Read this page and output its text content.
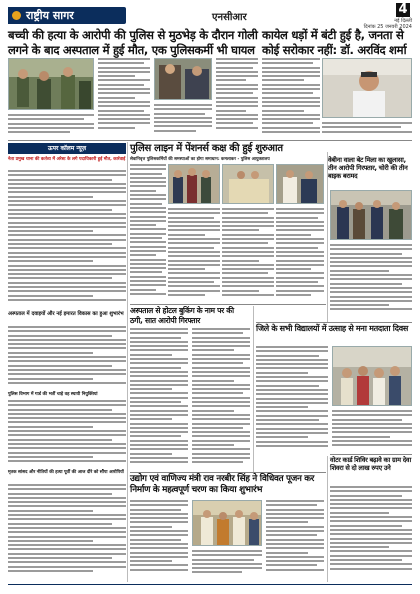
राष्ट्रीय सागर	एनसीआर
4
नई दिल्ली
दिनांक 25 जनवरी 2024
बच्ची की हत्या के आरोपी की पुलिस से मुठभेड़ के दौरान गोली लगने के बाद अस्पताल में हुई मौत, एक पुलिसकर्मी भी घायल
कायेल धड़ों में बंटी हुई है, जनता से कोई सरोकार नहीं: डॉ. अरविंद शर्मा
ऊपर कॉलम न्यूज़
नेता प्रमुख थाना की कर्तव्य में अरेस्ट के लगे पदाधिकारी हुई मौत, कार्रवाई
अस्पताल में दवाइयों और नई इमारत विकास का हुआ शुभारंभ
पुलिस विभाग में गार्ड की भर्ती चाहे वह स्थायी नियुक्तियां
मृतक सांसद और नीतियों की हत्या पूर्वी की आज दौरे को सौंपा आरोपियों
पुलिस लाइन में पेंशनर्स कक्ष की हुई शुरुआत
सेवानिवृत्त पुलिसकर्मियों की समस्याओं का होगा समाधान: कमलाकर - पुलिस आयुक्तालय	वेबीना वाला बेट मिला का खुलासा, तीन आरोपी गिरफ्तार, चोरी की तीन बाइक बरामद
अस्पताल से होटल बुकिंग के नाम पर की ठगी, सात आरोपी गिरफ्तार
जिले के सभी विद्यालयों में उत्साह से मना मतदाता दिवस
वोटर कार्ड शिविर बढ़ावे का ग्राम देवा शिवरा से दो लाख रुपए उने
उद्योग एवं वाणिज्य मंत्री राव नरबीर सिंह ने विधिवत पूजन कर निर्माण के महत्वपूर्ण चरण का किया शुभारंभ
